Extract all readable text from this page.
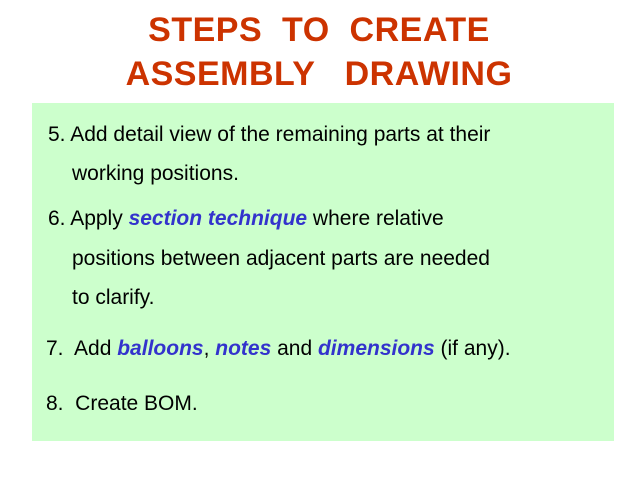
STEPS  TO  CREATE
ASSEMBLY   DRAWING
5. Add detail view of the remaining parts at their
working positions.
6. Apply section technique where relative
positions between adjacent parts are needed
to clarify.
7.  Add balloons, notes and dimensions (if any).
8.  Create BOM.
